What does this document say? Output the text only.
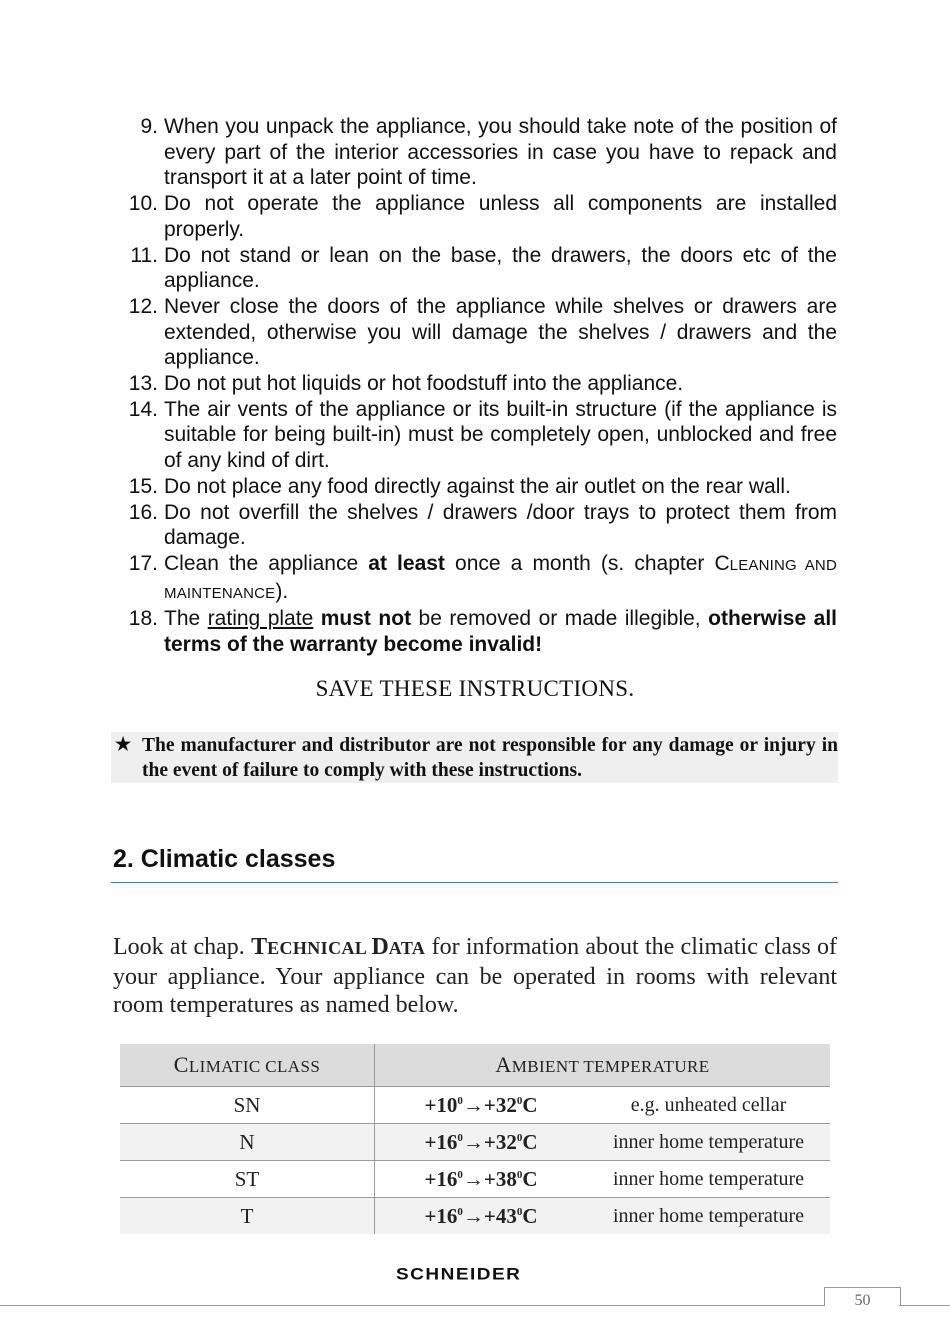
9. When you unpack the appliance, you should take note of the position of every part of the interior accessories in case you have to repack and transport it at a later point of time.
10. Do not operate the appliance unless all components are installed properly.
11. Do not stand or lean on the base, the drawers, the doors etc of the appliance.
12. Never close the doors of the appliance while shelves or drawers are extended, otherwise you will damage the shelves / drawers and the appliance.
13. Do not put hot liquids or hot foodstuff into the appliance.
14. The air vents of the appliance or its built-in structure (if the appliance is suitable for being built-in) must be completely open, unblocked and free of any kind of dirt.
15. Do not place any food directly against the air outlet on the rear wall.
16. Do not overfill the shelves / drawers /door trays to protect them from damage.
17. Clean the appliance at least once a month (s. chapter CLEANING AND MAINTENANCE).
18. The rating plate must not be removed or made illegible, otherwise all terms of the warranty become invalid!
SAVE THESE INSTRUCTIONS.
★ The manufacturer and distributor are not responsible for any damage or injury in the event of failure to comply with these instructions.
2. Climatic classes
Look at chap. TECHNICAL DATA for information about the climatic class of your appliance. Your appliance can be operated in rooms with relevant room temperatures as named below.
CLIMATIC CLASS	AMBIENT TEMPERATURE	
SN	$+10^0\to+32^0C$	e.g. unheated cellar
N	$+16^0\to+32^0C$	inner home temperature
ST	$+16^0\to+38^0C$	inner home temperature
T	$+16^0\to+43^0C$	inner home temperature
SCHNEIDER
50
